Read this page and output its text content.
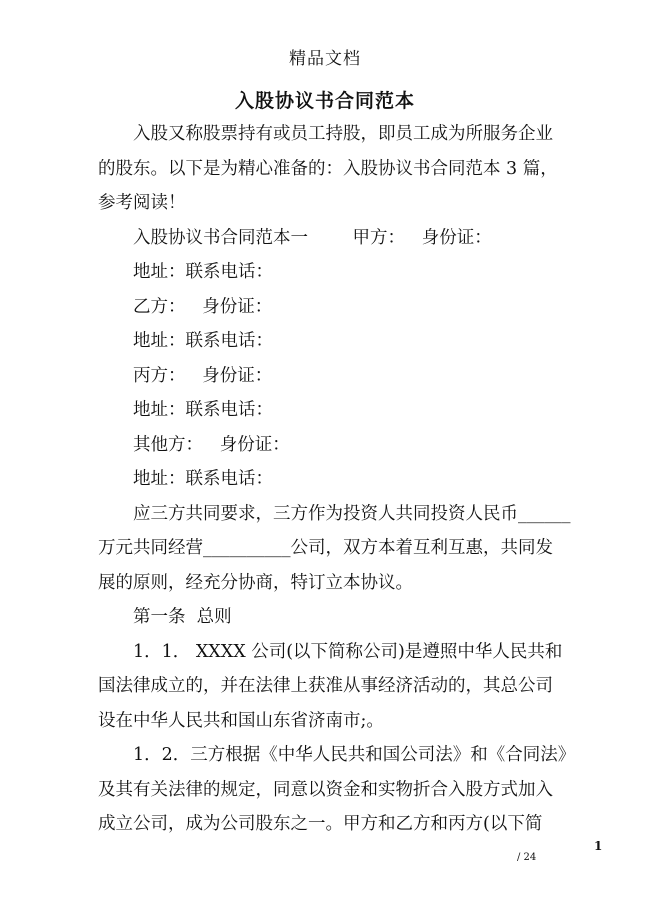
精品文档
入股协议书合同范本
入股又称股票持有或员工持股，即员工成为所服务企业
的股东。以下是为精心准备的：入股协议书合同范本 3 篇，
参考阅读！
入股协议书合同范本一        甲方：   身份证：
地址：联系电话：
乙方：   身份证：
地址：联系电话：
丙方：   身份证：
地址：联系电话：
其他方：   身份证：
地址：联系电话：
应三方共同要求，三方作为投资人共同投资人民币______
万元共同经营__________公司，双方本着互利互惠，共同发
展的原则，经充分协商，特订立本协议。
第一条  总则
1．1． XXXX 公司(以下简称公司)是遵照中华人民共和
国法律成立的，并在法律上获准从事经济活动的，其总公司
设在中华人民共和国山东省济南市;。
1．2．三方根据《中华人民共和国公司法》和《合同法》
及其有关法律的规定，同意以资金和实物折合入股方式加入
成立公司，成为公司股东之一。甲方和乙方和丙方(以下简
1
/ 24
